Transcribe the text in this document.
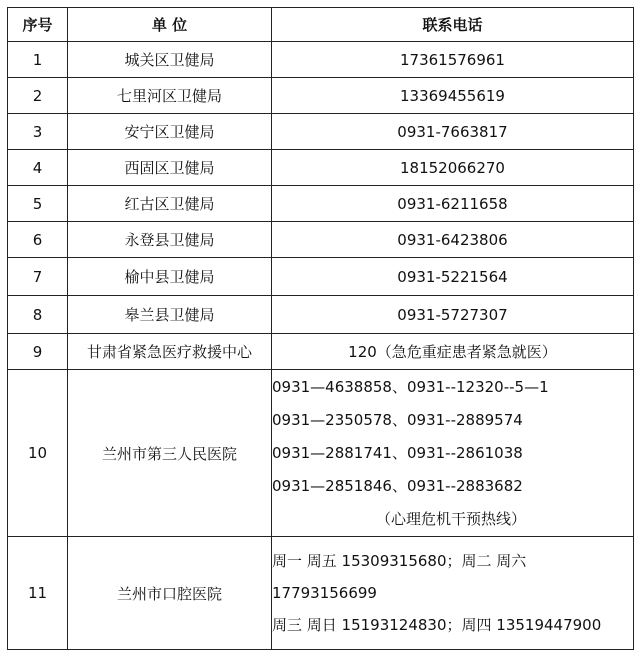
序号	单 位	联系电话
1	城关区卫健局	17361576961
2	七里河区卫健局	13369455619
3	安宁区卫健局	0931-7663817
4	西固区卫健局	18152066270
5	红古区卫健局	0931-6211658
6	永登县卫健局	0931-6423806
7	榆中县卫健局	0931-5221564
8	皋兰县卫健局	0931-5727307
9	甘肃省紧急医疗救援中心	120（急危重症患者紧急就医）
10	兰州市第三人民医院	0931—4638858、0931--12320--5—1
0931—2350578、0931--2889574
0931—2881741、0931--2861038
0931—2851846、0931--2883682
（心理危机干预热线）

11	兰州市口腔医院	周一 周五 15309315680；周二 周六
17793156699
周三 周日 15193124830；周四 13519447900
